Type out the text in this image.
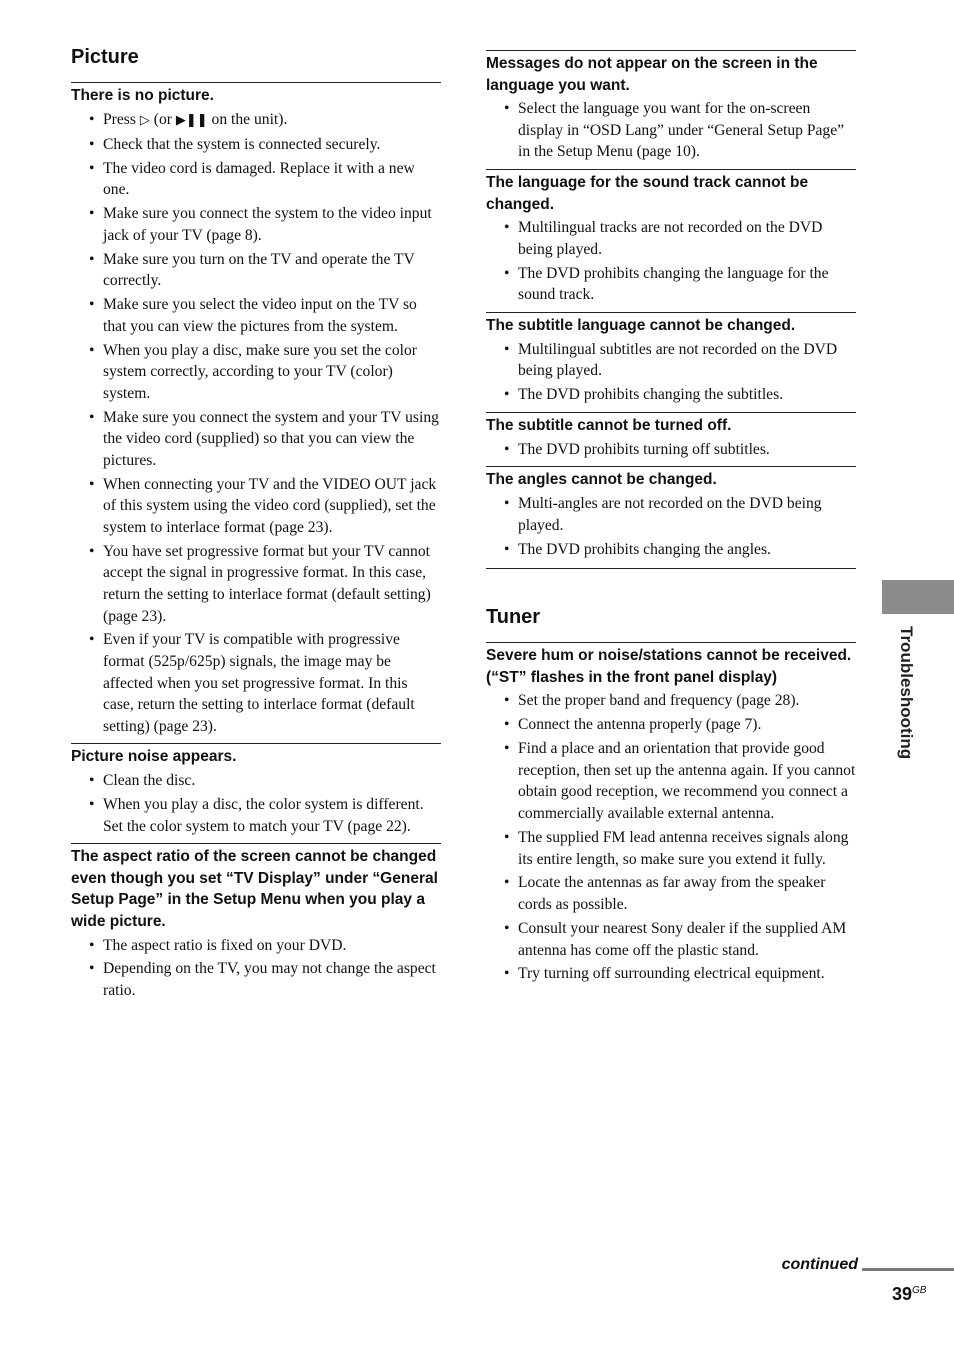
Picture

There is no picture.

• Press ▷ (or ▶❚❚ on the unit).
• Check that the system is connected securely.
• The video cord is damaged. Replace it with a new one.
• Make sure you connect the system to the video input jack of your TV (page 8).
• Make sure you turn on the TV and operate the TV correctly.
• Make sure you select the video input on the TV so that you can view the pictures from the system.
• When you play a disc, make sure you set the color system correctly, according to your TV (color) system.
• Make sure you connect the system and your TV using the video cord (supplied) so that you can view the pictures.
• When connecting your TV and the VIDEO OUT jack of this system using the video cord (supplied), set the system to interlace format (page 23).
• You have set progressive format but your TV cannot accept the signal in progressive format. In this case, return the setting to interlace format (default setting) (page 23).
• Even if your TV is compatible with progressive format (525p/625p) signals, the image may be affected when you set progressive format. In this case, return the setting to interlace format (default setting) (page 23).

Picture noise appears.

• Clean the disc.
• When you play a disc, the color system is different. Set the color system to match your TV (page 22).

The aspect ratio of the screen cannot be changed even though you set “TV Display” under “General Setup Page” in the Setup Menu when you play a wide picture.

• The aspect ratio is fixed on your DVD.
• Depending on the TV, you may not change the aspect ratio.

Messages do not appear on the screen in the language you want.

• Select the language you want for the on-screen display in “OSD Lang” under “General Setup Page” in the Setup Menu (page 10).

The language for the sound track cannot be changed.

• Multilingual tracks are not recorded on the DVD being played.
• The DVD prohibits changing the language for the sound track.

The subtitle language cannot be changed.

• Multilingual subtitles are not recorded on the DVD being played.
• The DVD prohibits changing the subtitles.

The subtitle cannot be turned off.

• The DVD prohibits turning off subtitles.

The angles cannot be changed.

• Multi-angles are not recorded on the DVD being played.
• The DVD prohibits changing the angles.
Tuner

Severe hum or noise/stations cannot be received. (“ST” flashes in the front panel display)

• Set the proper band and frequency (page 28).
• Connect the antenna properly (page 7).
• Find a place and an orientation that provide good reception, then set up the antenna again. If you cannot obtain good reception, we recommend you connect a commercially available external antenna.
• The supplied FM lead antenna receives signals along its entire length, so make sure you extend it fully.
• Locate the antennas as far away from the speaker cords as possible.
• Consult your nearest Sony dealer if the supplied AM antenna has come off the plastic stand.
• Try turning off surrounding electrical equipment.
Troubleshooting
continued
$39^{GB}$
